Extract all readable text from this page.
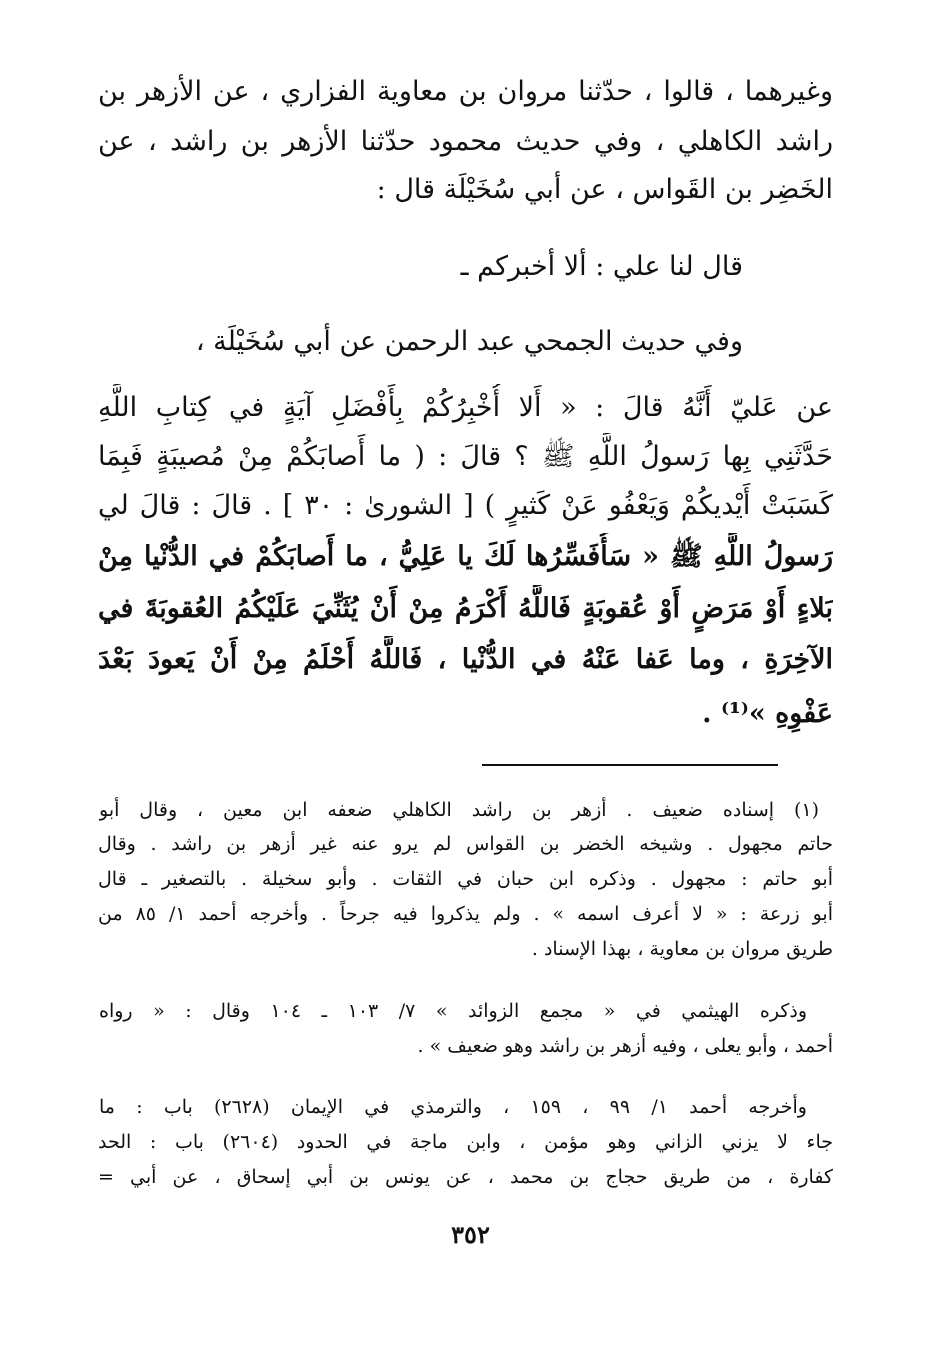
وغيرهما ، قالوا ، حدّثنا مروان بن معاوية الفزاري ، عن الأزهر بن
راشد الكاهلي ، وفي حديث محمود حدّثنا الأزهر بن راشد ، عن
الخَضِر بن القَواس ، عن أبي سُخَيْلَة قال :
قال لنا علي : ألا أخبركم ـ
وفي حديث الجمحي عبد الرحمن عن أبي سُخَيْلَة ،
عن عَليّ أَنَّهُ قالَ : « أَلا أُخْبِرُكُمْ بِأَفْضَلِ آيَةٍ في كِتابِ اللَّهِ
حَدَّثَنِي بِها رَسولُ اللَّهِ ﷺ ؟ قالَ : ( ما أَصابَكُمْ مِنْ مُصيبَةٍ فَبِمَا
كَسَبَتْ أَيْديكُمْ وَيَعْفُو عَنْ كَثيرٍ ) [ الشورىٰ : ٣٠ ] . قالَ : قالَ لي
رَسولُ اللَّهِ ﷺ « سَأُفَسِّرُها لَكَ يا عَلِيُّ ، ما أَصابَكُمْ في الدُّنْيا مِنْ
بَلاءٍ أَوْ مَرَضٍ أَوْ عُقوبَةٍ فَاللَّهُ أَكْرَمُ مِنْ أَنْ يُثَنِّيَ عَلَيْكُمُ العُقوبَةَ في
الآخِرَةِ ، وما عَفا عَنْهُ في الدُّنْيا ، فَاللَّهُ أَحْلَمُ مِنْ أَنْ يَعودَ بَعْدَ
عَفْوِهِ »⁽¹⁾ .
(١) إسناده ضعيف . أزهر بن راشد الكاهلي ضعفه ابن معين ، وقال أبو
حاتم مجهول . وشيخه الخضر بن القواس لم يرو عنه غير أزهر بن راشد . وقال
أبو حاتم : مجهول . وذكره ابن حبان في الثقات . وأبو سخيلة . بالتصغير ـ قال
أبو زرعة : « لا أعرف اسمه » . ولم يذكروا فيه جرحاً . وأخرجه أحمد ١/ ٨٥ من
طريق مروان بن معاوية ، بهذا الإسناد .
وذكره الهيثمي في « مجمع الزوائد » ٧/ ١٠٣ ـ ١٠٤ وقال : « رواه
أحمد ، وأبو يعلى ، وفيه أزهر بن راشد وهو ضعيف » .
وأخرجه أحمد ١/ ٩٩ ، ١٥٩ ، والترمذي في الإيمان (٢٦٢٨) باب : ما
جاء لا يزني الزاني وهو مؤمن ، وابن ماجة في الحدود (٢٦٠٤) باب : الحد
كفارة ، من طريق حجاج بن محمد ، عن يونس بن أبي إسحاق ، عن أبي =
٣٥٢
